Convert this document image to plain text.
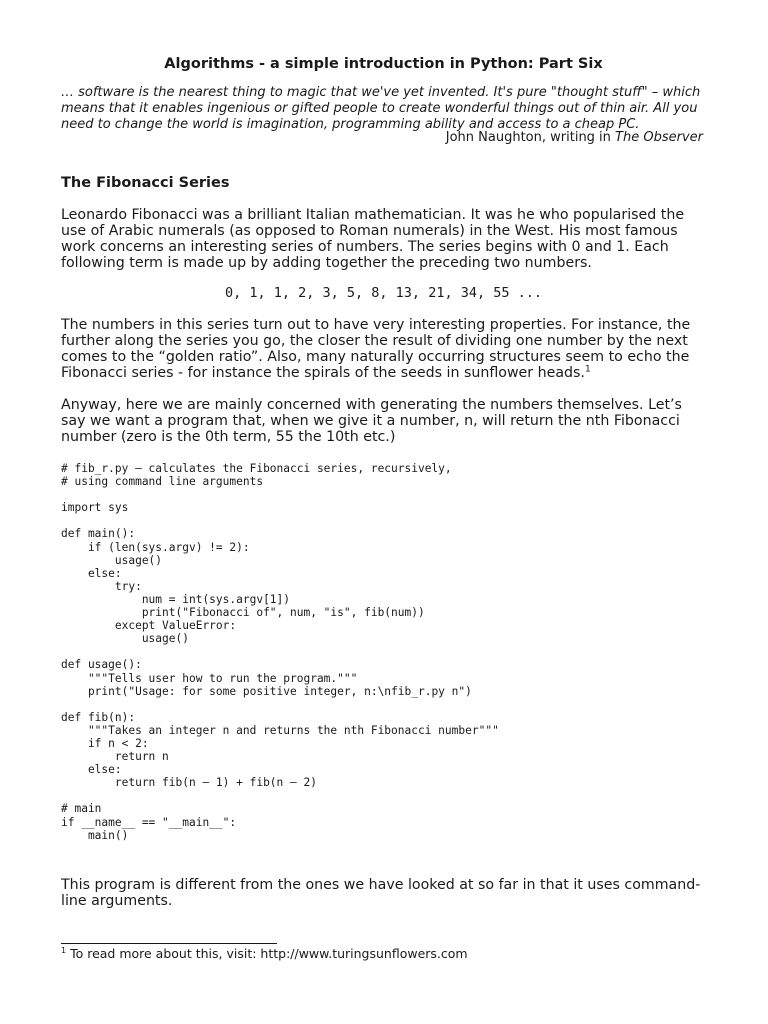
Algorithms - a simple introduction in Python: Part Six
… software is the nearest thing to magic that we've yet invented. It's pure "thought stuff" – which means that it enables ingenious or gifted people to create wonderful things out of thin air. All you need to change the world is imagination, programming ability and access to a cheap PC.
John Naughton, writing in The Observer
The Fibonacci Series
Leonardo Fibonacci was a brilliant Italian mathematician. It was he who popularised the use of Arabic numerals (as opposed to Roman numerals) in the West. His most famous work concerns an interesting series of numbers. The series begins with 0 and 1. Each following term is made up by adding together the preceding two numbers.
0, 1, 1, 2, 3, 5, 8, 13, 21, 34, 55 ...
The numbers in this series turn out to have very interesting properties. For instance, the further along the series you go, the closer the result of dividing one number by the next comes to the “golden ratio”. Also, many naturally occurring structures seem to echo the Fibonacci series - for instance the spirals of the seeds in sunflower heads.$^1$
Anyway, here we are mainly concerned with generating the numbers themselves. Let’s say we want a program that, when we give it a number, n, will return the nth Fibonacci number (zero is the 0th term, 55 the 10th etc.)
# fib_r.py – calculates the Fibonacci series, recursively,
# using command line arguments

import sys

def main():
if (len(sys.argv) != 2):
usage()
else:
try:
num = int(sys.argv[1])
print("Fibonacci of", num, "is", fib(num))
except ValueError:
usage()

def usage():
"""Tells user how to run the program."""
print("Usage: for some positive integer, n:\nfib_r.py n")

def fib(n):
"""Takes an integer n and returns the nth Fibonacci number"""
if n < 2:
return n
else:
return fib(n – 1) + fib(n – 2)

# main
if __name__ == "__main__":
main()
This program is different from the ones we have looked at so far in that it uses command-line arguments.
$^1$ To read more about this, visit: http://www.turingsunflowers.com
